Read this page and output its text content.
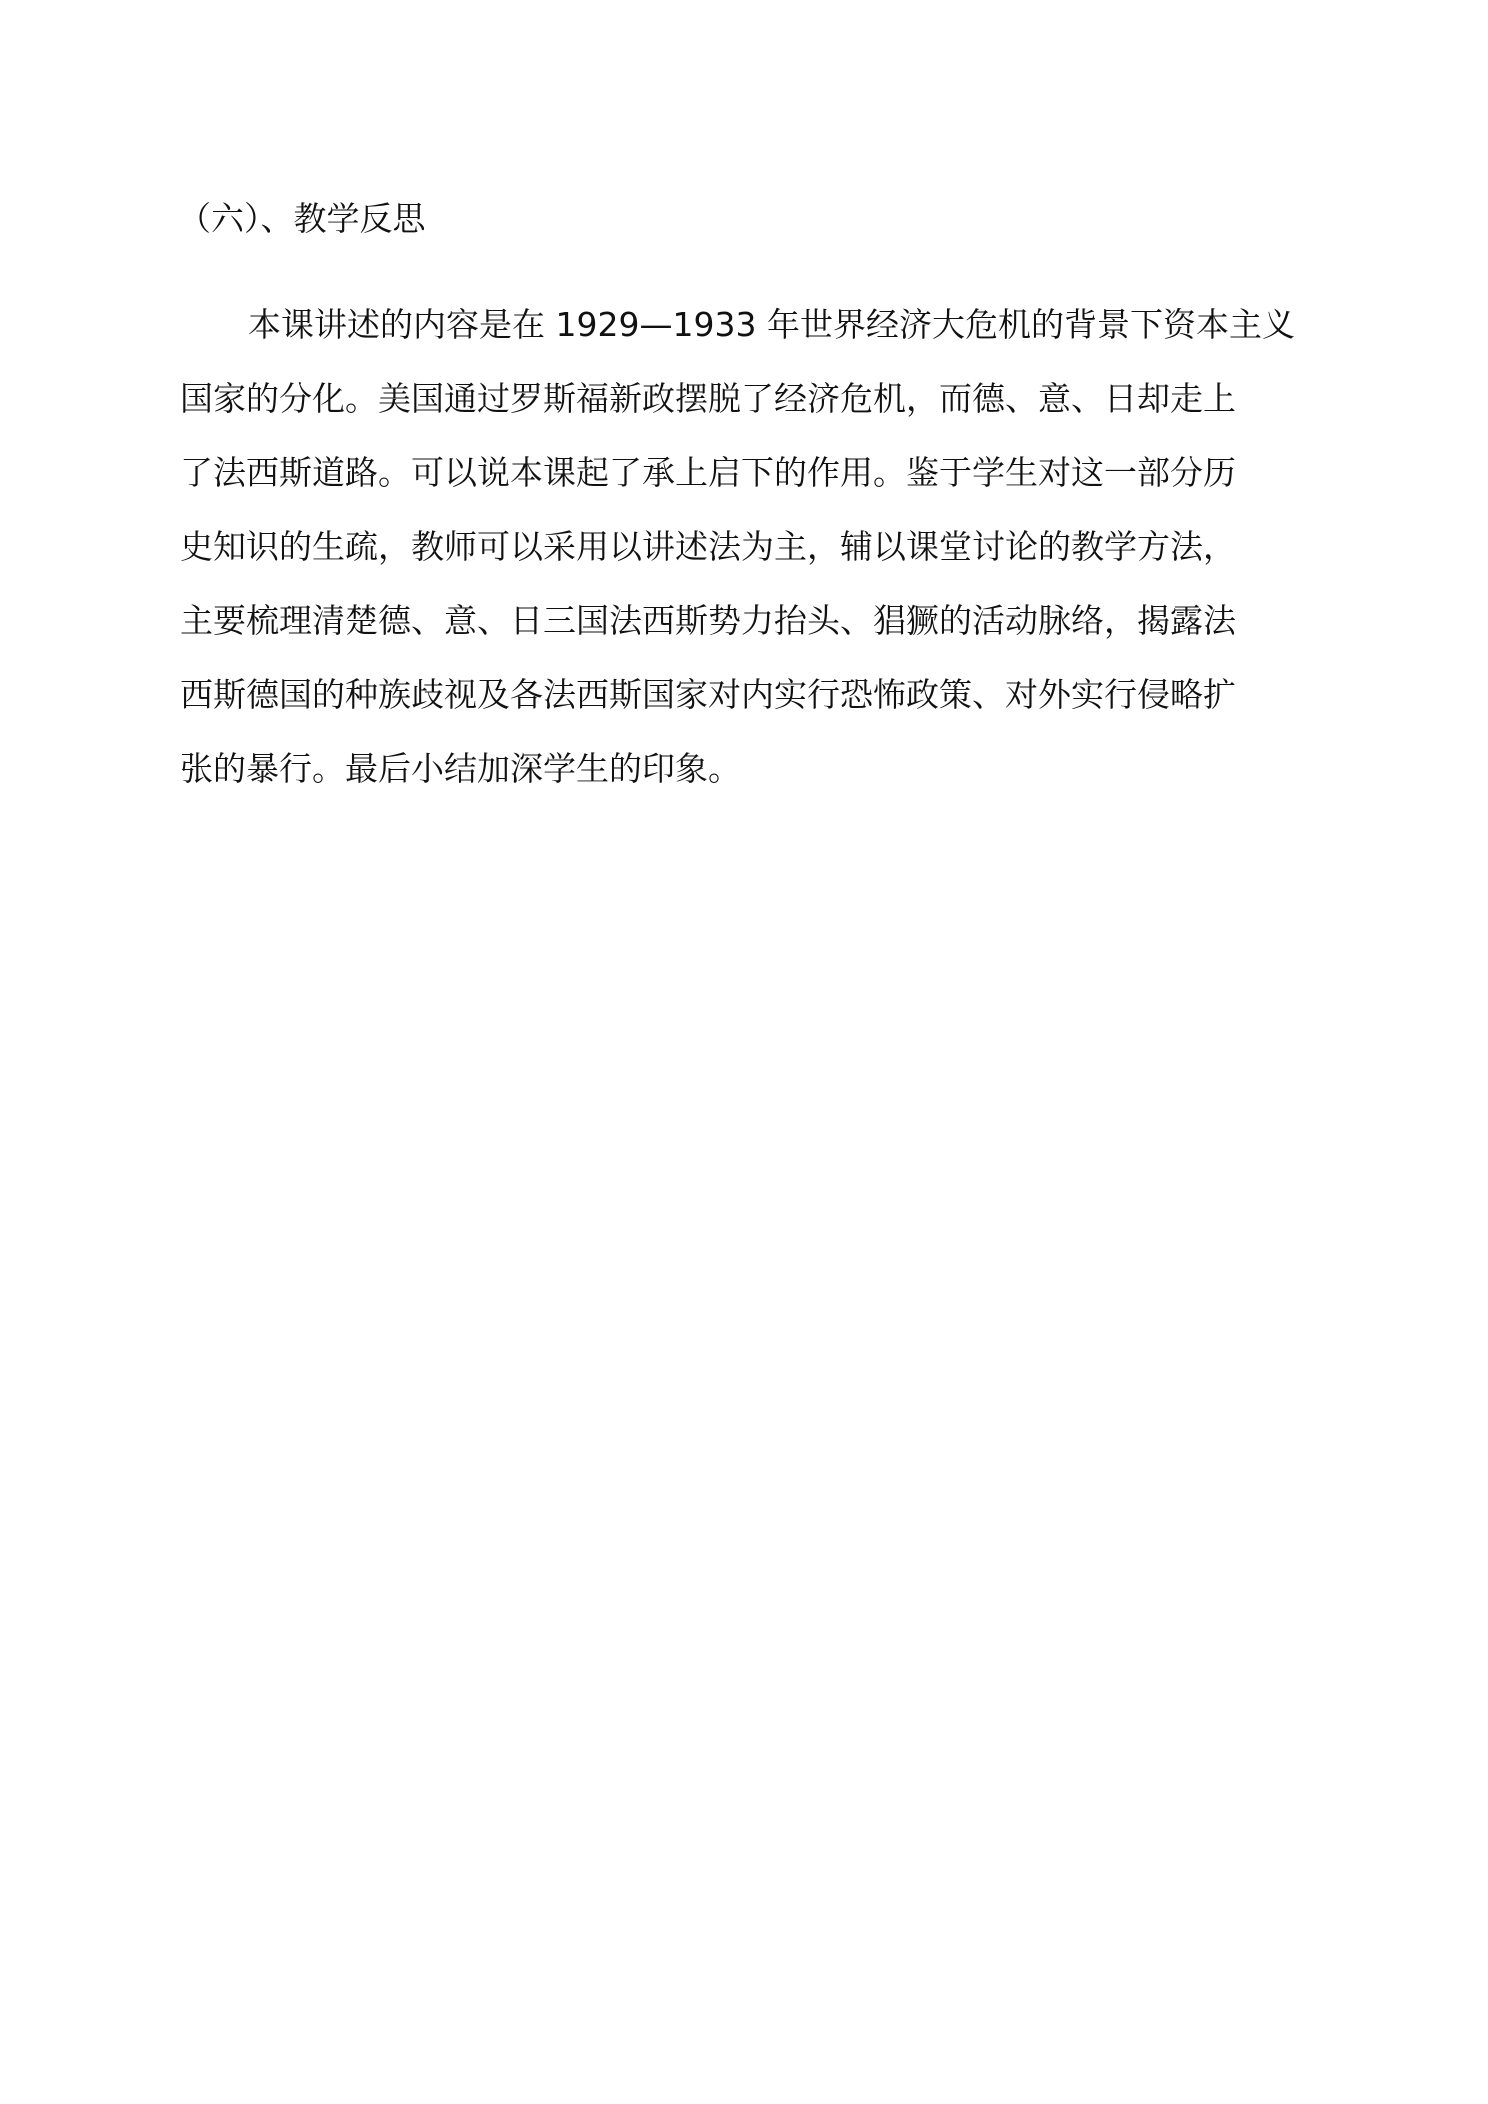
（六）、教学反思
本课讲述的内容是在 1929—1933 年世界经济大危机的背景下资本主义
国家的分化。美国通过罗斯福新政摆脱了经济危机，而德、意、日却走上
了法西斯道路。可以说本课起了承上启下的作用。鉴于学生对这一部分历
史知识的生疏，教师可以采用以讲述法为主，辅以课堂讨论的教学方法，
主要梳理清楚德、意、日三国法西斯势力抬头、猖獗的活动脉络，揭露法
西斯德国的种族歧视及各法西斯国家对内实行恐怖政策、对外实行侵略扩
张的暴行。最后小结加深学生的印象。
